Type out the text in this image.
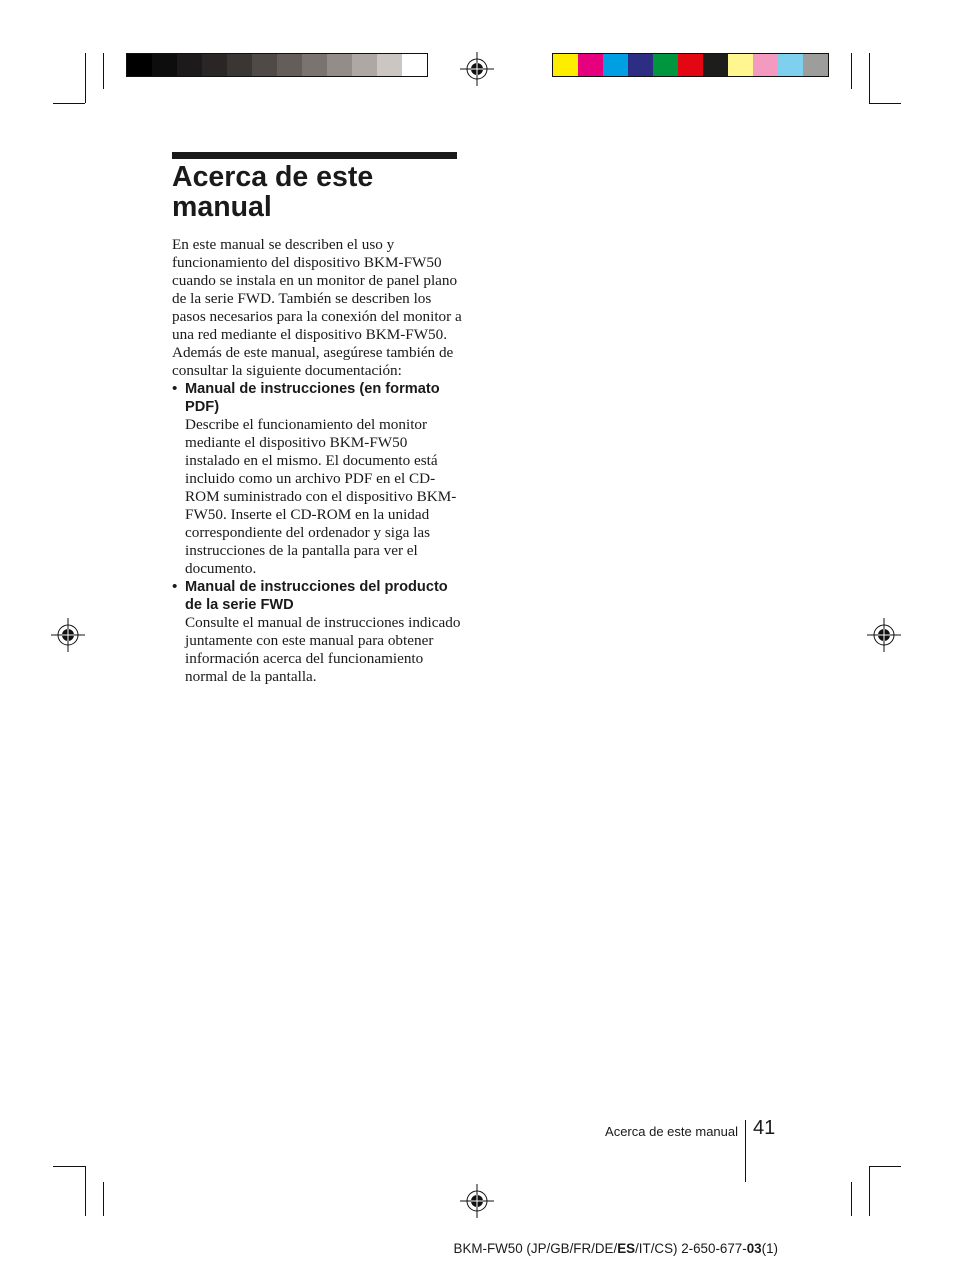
Acerca de este manual

En este manual se describen el uso y funcionamiento del dispositivo BKM-FW50 cuando se instala en un monitor de panel plano de la serie FWD. También se describen los pasos necesarios para la conexión del monitor a una red mediante el dispositivo BKM-FW50.

Además de este manual, asegúrese también de consultar la siguiente documentación:

• Manual de instrucciones (en formato PDF)
Describe el funcionamiento del monitor mediante el dispositivo BKM-FW50 instalado en el mismo. El documento está incluido como un archivo PDF en el CD-ROM suministrado con el dispositivo BKM-FW50. Inserte el CD-ROM en la unidad correspondiente del ordenador y siga las instrucciones de la pantalla para ver el documento.
• Manual de instrucciones del producto de la serie FWD
Consulte el manual de instrucciones indicado juntamente con este manual para obtener información acerca del funcionamiento normal de la pantalla.
Acerca de este manual 41
BKM-FW50 (JP/GB/FR/DE/ES/IT/CS) 2-650-677-03(1)
